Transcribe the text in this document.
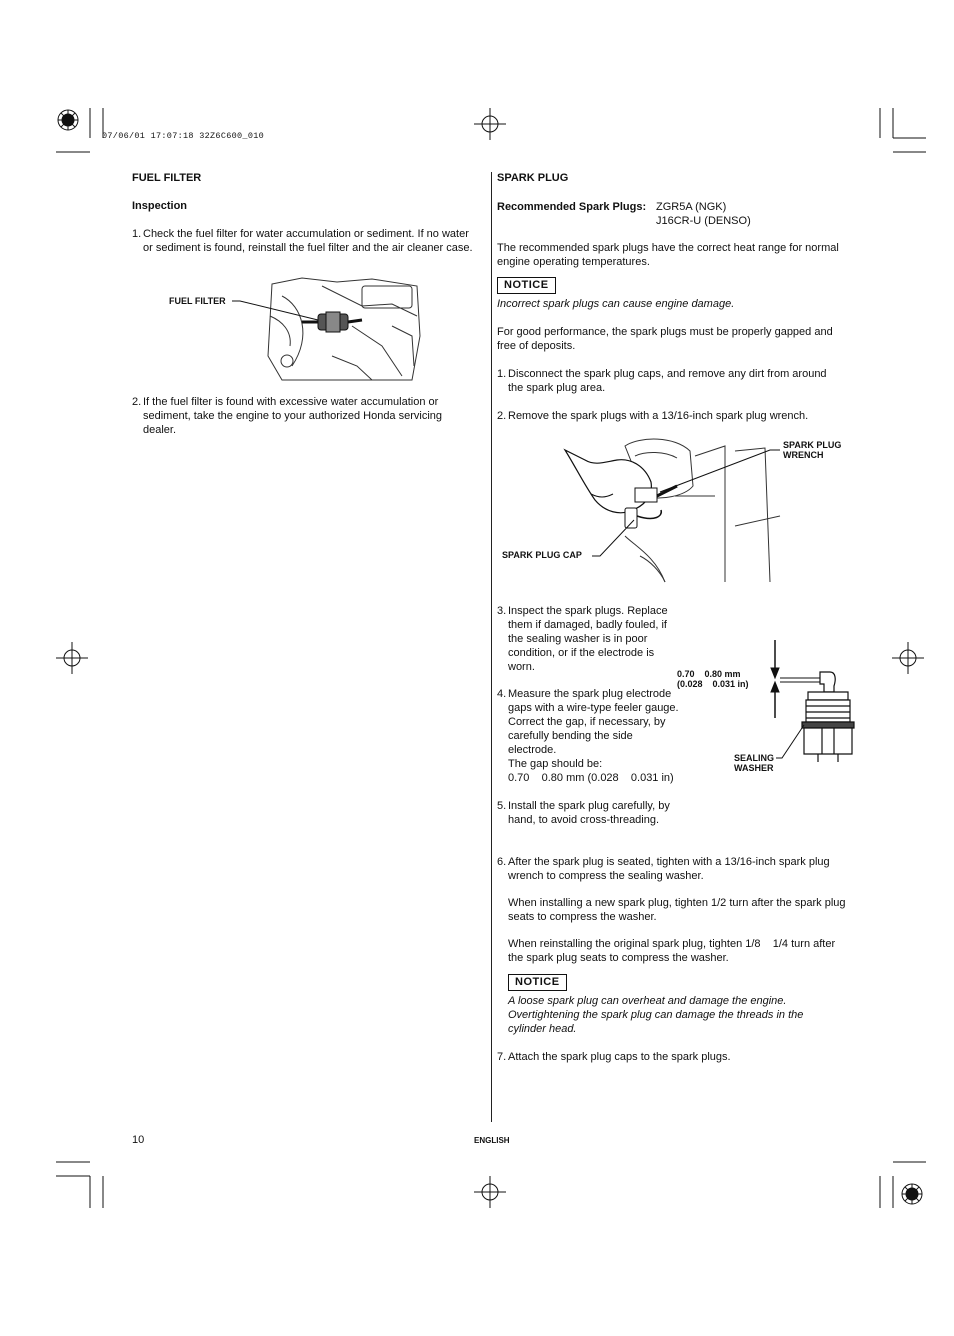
07/06/01 17:07:18 32Z6C600_010
FUEL FILTER
Inspection
1. Check the fuel filter for water accumulation or sediment. If no water or sediment is found, reinstall the fuel filter and the air cleaner case.
FUEL FILTER
2. If the fuel filter is found with excessive water accumulation or sediment, take the engine to your authorized Honda servicing dealer.
SPARK PLUG
Recommended Spark Plugs: ZGR5A (NGK)
J16CR-U (DENSO)
The recommended spark plugs have the correct heat range for normal engine operating temperatures.
NOTICE
Incorrect spark plugs can cause engine damage.
For good performance, the spark plugs must be properly gapped and free of deposits.
1. Disconnect the spark plug caps, and remove any dirt from around the spark plug area.
2. Remove the spark plugs with a 13/16-inch spark plug wrench.
SPARK PLUG
WRENCH
SPARK PLUG CAP
3. Inspect the spark plugs. Replace them if damaged, badly fouled, if the sealing washer is in poor condition, or if the electrode is worn.
4. Measure the spark plug electrode gaps with a wire-type feeler gauge. Correct the gap, if necessary, by carefully bending the side electrode.
The gap should be:
0.70    0.80 mm (0.028    0.031 in)
0.70    0.80 mm
(0.028    0.031 in)
SEALING
WASHER
5. Install the spark plug carefully, by hand, to avoid cross-threading.
6. After the spark plug is seated, tighten with a 13/16-inch spark plug wrench to compress the sealing washer.
When installing a new spark plug, tighten 1/2 turn after the spark plug seats to compress the washer.
When reinstalling the original spark plug, tighten 1/8    1/4 turn after the spark plug seats to compress the washer.
NOTICE
A loose spark plug can overheat and damage the engine. Overtightening the spark plug can damage the threads in the cylinder head.
7. Attach the spark plug caps to the spark plugs.
10	ENGLISH
